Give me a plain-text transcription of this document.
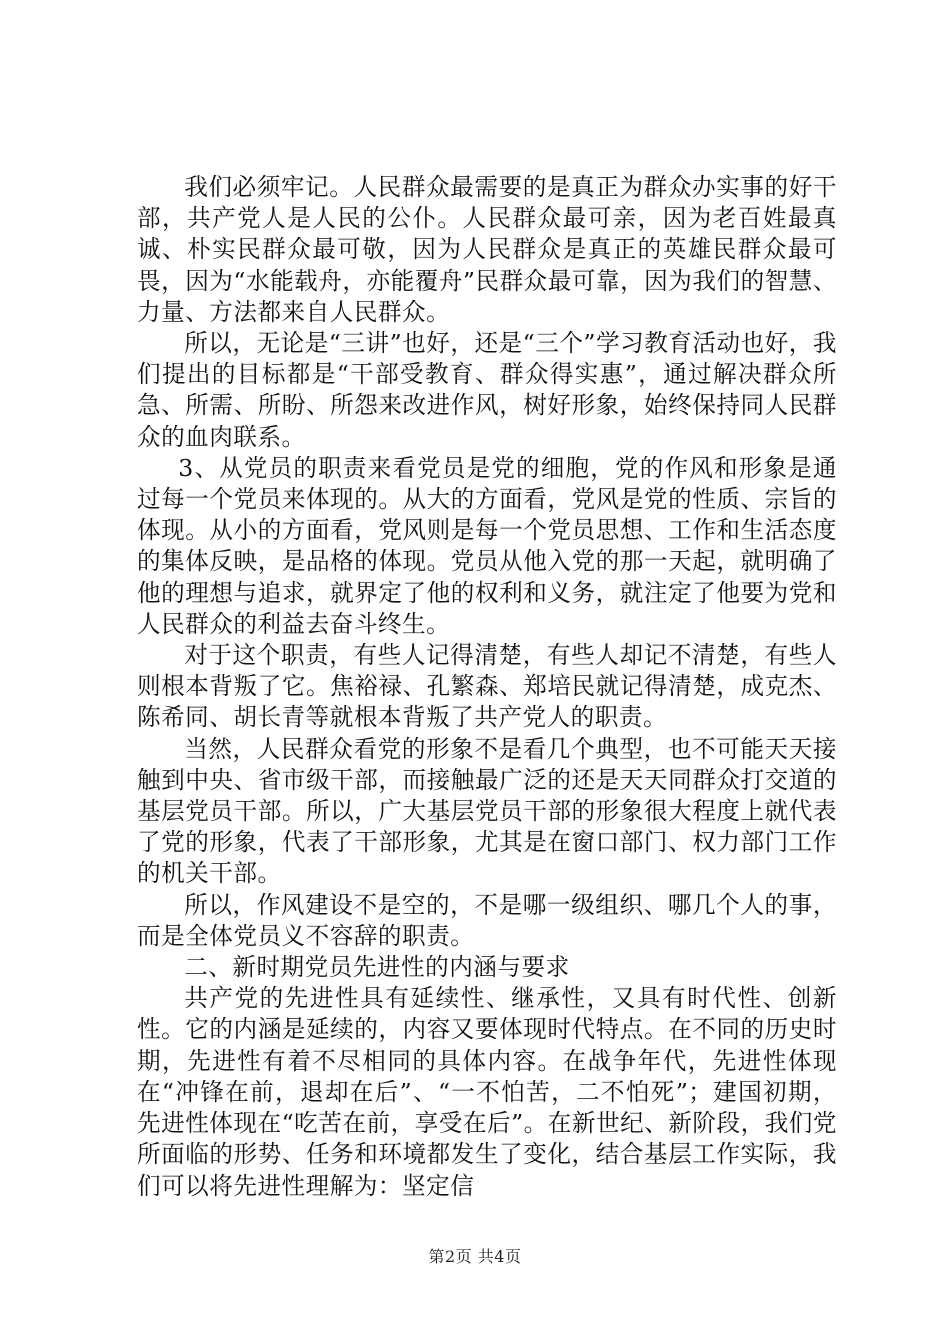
我们必须牢记。人民群众最需要的是真正为群众办实事的好干部，共产党人是人民的公仆。人民群众最可亲，因为老百姓最真诚、朴实民群众最可敬，因为人民群众是真正的英雄民群众最可畏，因为“水能载舟，亦能覆舟”民群众最可靠，因为我们的智慧、力量、方法都来自人民群众。

所以，无论是“三讲”也好，还是“三个”学习教育活动也好，我们提出的目标都是“干部受教育、群众得实惠”，通过解决群众所急、所需、所盼、所怨来改进作风，树好形象，始终保持同人民群众的血肉联系。

3、从党员的职责来看党员是党的细胞，党的作风和形象是通过每一个党员来体现的。从大的方面看，党风是党的性质、宗旨的体现。从小的方面看，党风则是每一个党员思想、工作和生活态度的集体反映，是品格的体现。党员从他入党的那一天起，就明确了他的理想与追求，就界定了他的权利和义务，就注定了他要为党和人民群众的利益去奋斗终生。

对于这个职责，有些人记得清楚，有些人却记不清楚，有些人则根本背叛了它。焦裕禄、孔繁森、郑培民就记得清楚，成克杰、陈希同、胡长青等就根本背叛了共产党人的职责。

当然，人民群众看党的形象不是看几个典型，也不可能天天接触到中央、省市级干部，而接触最广泛的还是天天同群众打交道的基层党员干部。所以，广大基层党员干部的形象很大程度上就代表了党的形象，代表了干部形象，尤其是在窗口部门、权力部门工作的机关干部。

所以，作风建设不是空的，不是哪一级组织、哪几个人的事，而是全体党员义不容辞的职责。

二、新时期党员先进性的内涵与要求

共产党的先进性具有延续性、继承性，又具有时代性、创新性。它的内涵是延续的，内容又要体现时代特点。在不同的历史时期，先进性有着不尽相同的具体内容。在战争年代，先进性体现在“冲锋在前，退却在后”、“一不怕苦，二不怕死”；建国初期，先进性体现在“吃苦在前，享受在后”。在新世纪、新阶段，我们党所面临的形势、任务和环境都发生了变化，结合基层工作实际，我们可以将先进性理解为：坚定信

第2页 共4页
